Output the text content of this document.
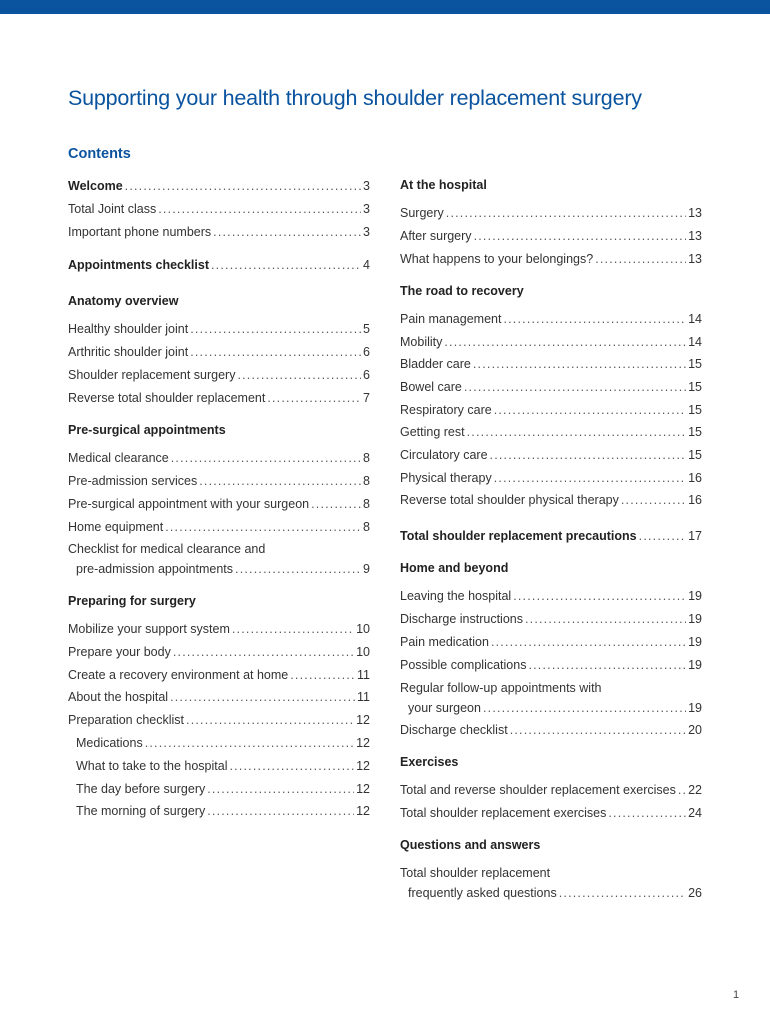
Supporting your health through shoulder replacement surgery
Contents
Welcome .....	3
Total Joint class .....	3
Important phone numbers .....	3
Appointments checklist .....	4
Anatomy overview
Healthy shoulder joint .....	5
Arthritic shoulder joint .....	6
Shoulder replacement surgery .....	6
Reverse total shoulder replacement .....	7
Pre-surgical appointments
Medical clearance .....	8
Pre-admission services .....	8
Pre-surgical appointment with your surgeon .....	8
Home equipment .....	8
Checklist for medical clearance and
pre-admission appointments .....	9
Preparing for surgery
Mobilize your support system .....	10
Prepare your body .....	10
Create a recovery environment at home .....	11
About the hospital .....	11
Preparation checklist .....	12
Medications .....	12
What to take to the hospital .....	12
The day before surgery .....	12
The morning of surgery .....	12
At the hospital
Surgery .....	13
After surgery .....	13
What happens to your belongings? .....	13
The road to recovery
Pain management .....	14
Mobility .....	14
Bladder care .....	15
Bowel care .....	15
Respiratory care .....	15
Getting rest .....	15
Circulatory care .....	15
Physical therapy .....	16
Reverse total shoulder physical therapy .....	16
Total shoulder replacement precautions .....	17
Home and beyond
Leaving the hospital .....	19
Discharge instructions .....	19
Pain medication .....	19
Possible complications .....	19
Regular follow-up appointments with
your surgeon .....	19
Discharge checklist .....	20
Exercises
Total and reverse shoulder replacement exercises ..... 22
Total shoulder replacement exercises .....	24
Questions and answers
Total shoulder replacement
frequently asked questions .....	26
1
